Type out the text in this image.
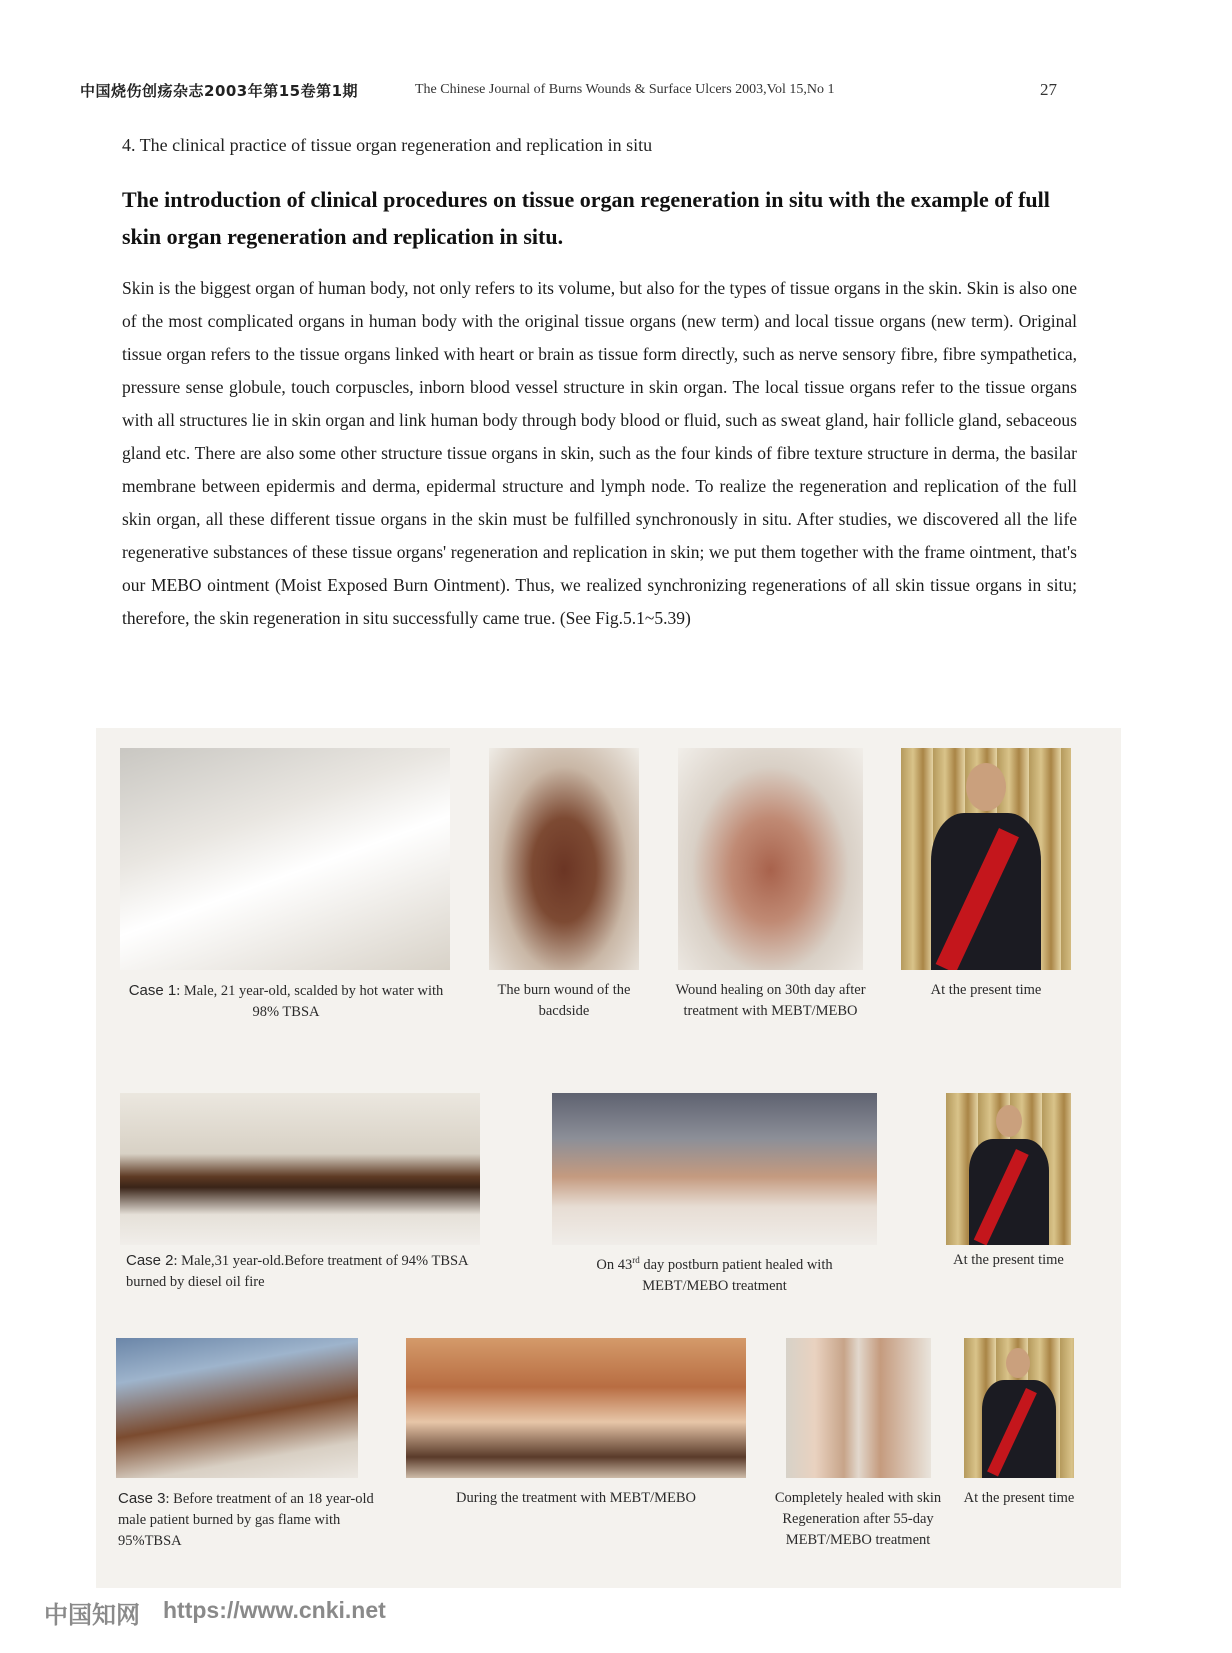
中国烧伤创疡杂志2003年第15卷第1期	The Chinese Journal of Burns Wounds & Surface Ulcers 2003,Vol 15,No 1	27
4. The clinical practice of tissue organ regeneration and replication in situ
The introduction of clinical procedures on tissue organ regeneration in situ with the example of full skin organ regeneration and replication in situ.
Skin is the biggest organ of human body, not only refers to its volume, but also for the types of tissue organs in the skin. Skin is also one of the most complicated organs in human body with the original tissue organs (new term) and local tissue organs (new term). Original tissue organ refers to the tissue organs linked with heart or brain as tissue form directly, such as nerve sensory fibre, fibre sympathetica, pressure sense globule, touch corpuscles, inborn blood vessel structure in skin organ. The local tissue organs refer to the tissue organs with all structures lie in skin organ and link human body through body blood or fluid, such as sweat gland, hair follicle gland, sebaceous gland etc. There are also some other structure tissue organs in skin, such as the four kinds of fibre texture structure in derma, the basilar membrane between epidermis and derma, epidermal structure and lymph node. To realize the regeneration and replication of the full skin organ, all these different tissue organs in the skin must be fulfilled synchronously in situ. After studies, we discovered all the life regenerative substances of these tissue organs' regeneration and replication in skin; we put them together with the frame ointment, that's our MEBO ointment (Moist Exposed Burn Ointment). Thus, we realized synchronizing regenerations of all skin tissue organs in situ; therefore, the skin regeneration in situ successfully came true. (See Fig.5.1~5.39)
Case 1: Male, 21 year-old, scalded by hot water with 98% TBSA
The burn wound of the bacdside
Wound healing on 30th day after treatment with MEBT/MEBO
At the present time
Case 2: Male,31 year-old.Before treatment of 94% TBSA burned by diesel oil fire
On 43rd day postburn patient healed with MEBT/MEBO treatment
At the present time
Case 3: Before treatment of an 18 year-old male patient burned by gas flame with 95%TBSA
During the treatment with MEBT/MEBO	Completely healed with skin Regeneration after 55-day MEBT/MEBO treatment
At the present time
中国知网 https://www.cnki.net
